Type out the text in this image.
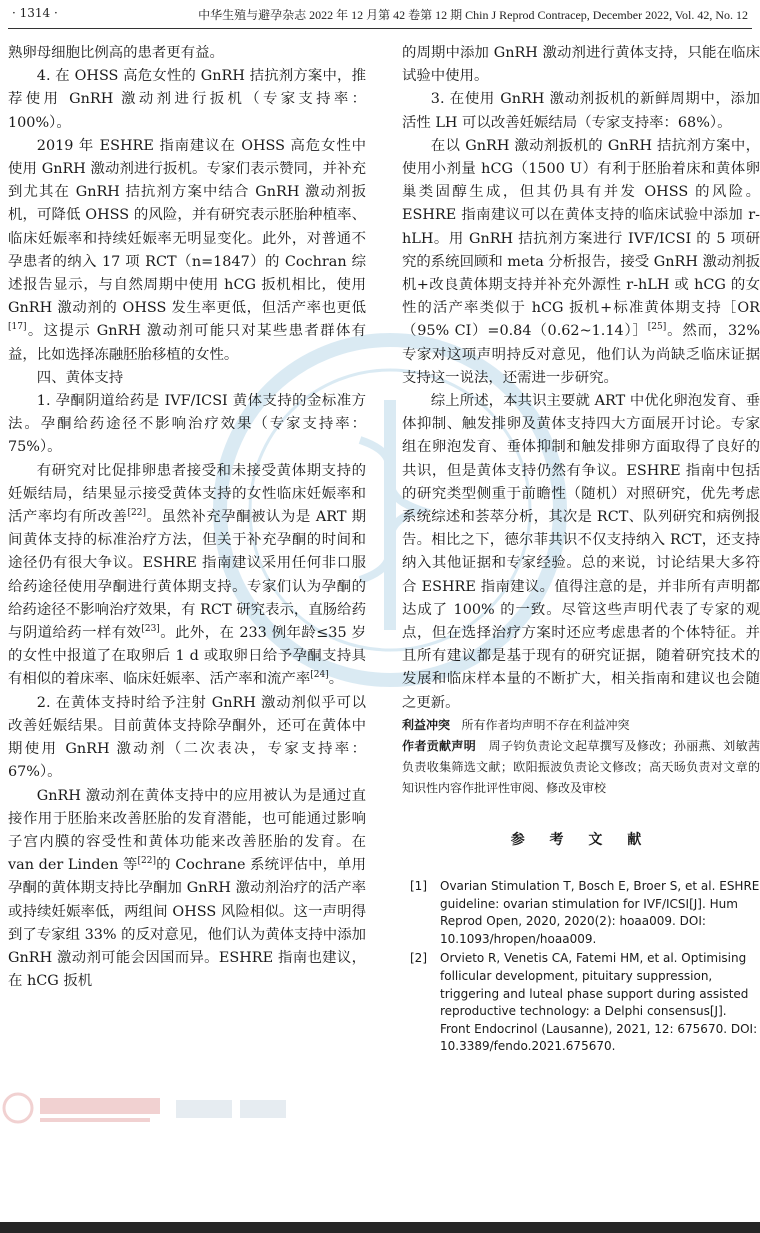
· 1314 ·	中华生殖与避孕杂志 2022 年 12 月第 42 卷第 12 期 Chin J Reprod Contracep, December 2022, Vol. 42, No. 12

熟卵母细胞比例高的患者更有益。

4. 在 OHSS 高危女性的 GnRH 拮抗剂方案中，推荐使用 GnRH 激动剂进行扳机（专家支持率：100%）。

2019 年 ESHRE 指南建议在 OHSS 高危女性中使用 GnRH 激动剂进行扳机。专家们表示赞同，并补充到尤其在 GnRH 拮抗剂方案中结合 GnRH 激动剂扳机，可降低 OHSS 的风险，并有研究表示胚胎种植率、临床妊娠率和持续妊娠率无明显变化。此外，对普通不孕患者的纳入 17 项 RCT（n=1847）的 Cochran 综述报告显示，与自然周期中使用 hCG 扳机相比，使用 GnRH 激动剂的 OHSS 发生率更低，但活产率也更低[17]。这提示 GnRH 激动剂可能只对某些患者群体有益，比如选择冻融胚胎移植的女性。

四、黄体支持

1. 孕酮阴道给药是 IVF/ICSI 黄体支持的金标准方法。孕酮给药途径不影响治疗效果（专家支持率：75%）。

有研究对比促排卵患者接受和未接受黄体期支持的妊娠结局，结果显示接受黄体支持的女性临床妊娠率和活产率均有所改善[22]。虽然补充孕酮被认为是 ART 期间黄体支持的标准治疗方法，但关于补充孕酮的时间和途径仍有很大争议。ESHRE 指南建议采用任何非口服给药途径使用孕酮进行黄体期支持。专家们认为孕酮的给药途径不影响治疗效果，有 RCT 研究表示，直肠给药与阴道给药一样有效[23]。此外，在 233 例年龄≤35 岁的女性中报道了在取卵后 1 d 或取卵日给予孕酮支持具有相似的着床率、临床妊娠率、活产率和流产率[24]。

2. 在黄体支持时给予注射 GnRH 激动剂似乎可以改善妊娠结果。目前黄体支持除孕酮外，还可在黄体中期使用 GnRH 激动剂（二次表决，专家支持率：67%）。

GnRH 激动剂在黄体支持中的应用被认为是通过直接作用于胚胎来改善胚胎的发育潜能，也可能通过影响子宫内膜的容受性和黄体功能来改善胚胎的发育。在 van der Linden 等[22]的 Cochrane 系统评估中，单用孕酮的黄体期支持比孕酮加 GnRH 激动剂治疗的活产率或持续妊娠率低，两组间 OHSS 风险相似。这一声明得到了专家组 33% 的反对意见，他们认为黄体支持中添加 GnRH 激动剂可能会因国而异。ESHRE 指南也建议，在 hCG 扳机

的周期中添加 GnRH 激动剂进行黄体支持，只能在临床试验中使用。

3. 在使用 GnRH 激动剂扳机的新鲜周期中，添加活性 LH 可以改善妊娠结局（专家支持率：68%）。

在以 GnRH 激动剂扳机的 GnRH 拮抗剂方案中，使用小剂量 hCG（1500 U）有利于胚胎着床和黄体卵巢类固醇生成，但其仍具有并发 OHSS 的风险。ESHRE 指南建议可以在黄体支持的临床试验中添加 r-hLH。用 GnRH 拮抗剂方案进行 IVF/ICSI 的 5 项研究的系统回顾和 meta 分析报告，接受 GnRH 激动剂扳机+改良黄体期支持并补充外源性 r-hLH 或 hCG 的女性的活产率类似于 hCG 扳机+标准黄体期支持［OR（95% CI）=0.84（0.62~1.14）］[25]。然而，32% 专家对这项声明持反对意见，他们认为尚缺乏临床证据支持这一说法，还需进一步研究。

综上所述，本共识主要就 ART 中优化卵泡发育、垂体抑制、触发排卵及黄体支持四大方面展开讨论。专家组在卵泡发育、垂体抑制和触发排卵方面取得了良好的共识，但是黄体支持仍然有争议。ESHRE 指南中包括的研究类型侧重于前瞻性（随机）对照研究，优先考虑系统综述和荟萃分析，其次是 RCT、队列研究和病例报告。相比之下，德尔菲共识不仅支持纳入 RCT，还支持纳入其他证据和专家经验。总的来说，讨论结果大多符合 ESHRE 指南建议。值得注意的是，并非所有声明都达成了 100% 的一致。尽管这些声明代表了专家的观点，但在选择治疗方案时还应考虑患者的个体特征。并且所有建议都是基于现有的研究证据，随着研究技术的发展和临床样本量的不断扩大，相关指南和建议也会随之更新。

利益冲突 所有作者均声明不存在利益冲突

作者贡献声明 周子钧负责论文起草撰写及修改；孙丽燕、刘敏茜负责收集筛选文献；欧阳振波负责论文修改；高天旸负责对文章的知识性内容作批评性审阅、修改及审校

参 考 文 献
[1]	Ovarian Stimulation T, Bosch E, Broer S, et al. ESHRE guideline: ovarian stimulation for IVF/ICSI[J]. Hum Reprod Open, 2020, 2020(2): hoaa009. DOI: 10.1093/hropen/hoaa009.
[2]	Orvieto R, Venetis CA, Fatemi HM, et al. Optimising follicular development, pituitary suppression, triggering and luteal phase support during assisted reproductive technology: a Delphi consensus[J]. Front Endocrinol (Lausanne), 2021, 12: 675670. DOI: 10.3389/fendo.2021.675670.
